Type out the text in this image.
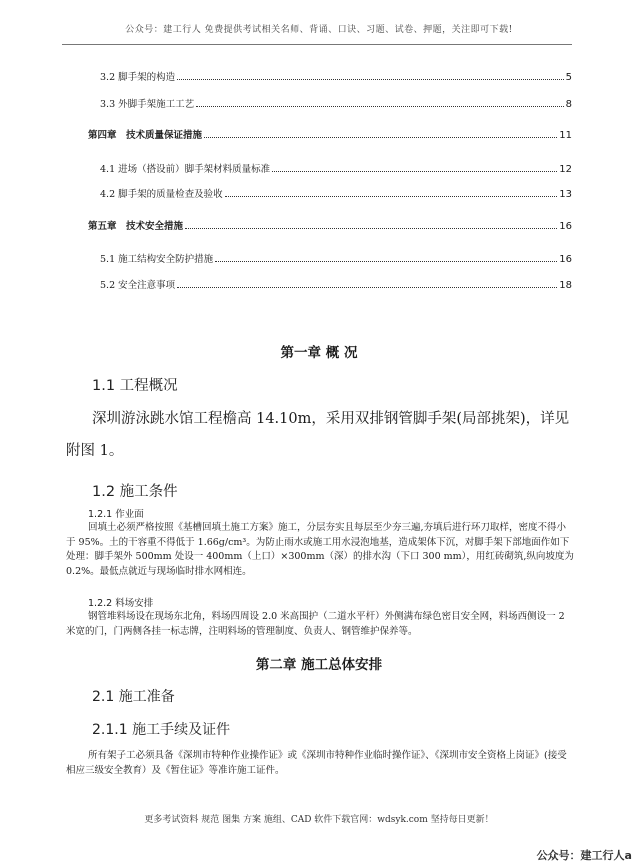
公众号：建工行人 免费提供考试相关名师、背诵、口诀、习题、试卷、押题，关注即可下载!
3.2 脚手架的构造	5
3.3 外脚手架施工工艺	8
第四章　技术质量保证措施	11
4.1 进场（搭设前）脚手架材料质量标准	12
4.2 脚手架的质量检查及验收	13
第五章　技术安全措施	16
5.1 施工结构安全防护措施	16
5.2 安全注意事项	18
第一章 概 况
1.1 工程概况
深圳游泳跳水馆工程檐高 14.10m，采用双排钢管脚手架(局部挑架)，详见
附图 1。
1.2 施工条件
1.2.1 作业面
回填土必须严格按照《基槽回填土施工方案》施工，分层夯实且每层至少夯三遍,夯填后进行环刀取样，密度不得小于 95%。土的干容重不得低于 1.66g/cm³。为防止雨水或施工用水浸泡地基，造成架体下沉，对脚手架下部地面作如下处理：脚手架外 500mm 处设一 400mm（上口）×300mm（深）的排水沟（下口 300 mm），用红砖砌筑,纵向坡度为 0.2%。最低点就近与现场临时排水网相连。
1.2.2 料场安排
钢管堆料场设在现场东北角，料场四周设 2.0 米高围护（二道水平杆）外侧满布绿色密目安全网，料场西侧设一 2 米宽的门，门两侧各挂一标志牌，注明料场的管理制度、负责人、钢管维护保养等。
第二章 施工总体安排
2.1 施工准备
2.1.1 施工手续及证件
所有架子工必须具备《深圳市特种作业操作证》或《深圳市特种作业临时操作证》、《深圳市安全资格上岗证》(接受相应三级安全教育）及《暂住证》等准许施工证件。
更多考试资料 规范 图集 方案 施组、CAD 软件下载官网：wdsyk.com 坚持每日更新！
公众号：建工行人a
